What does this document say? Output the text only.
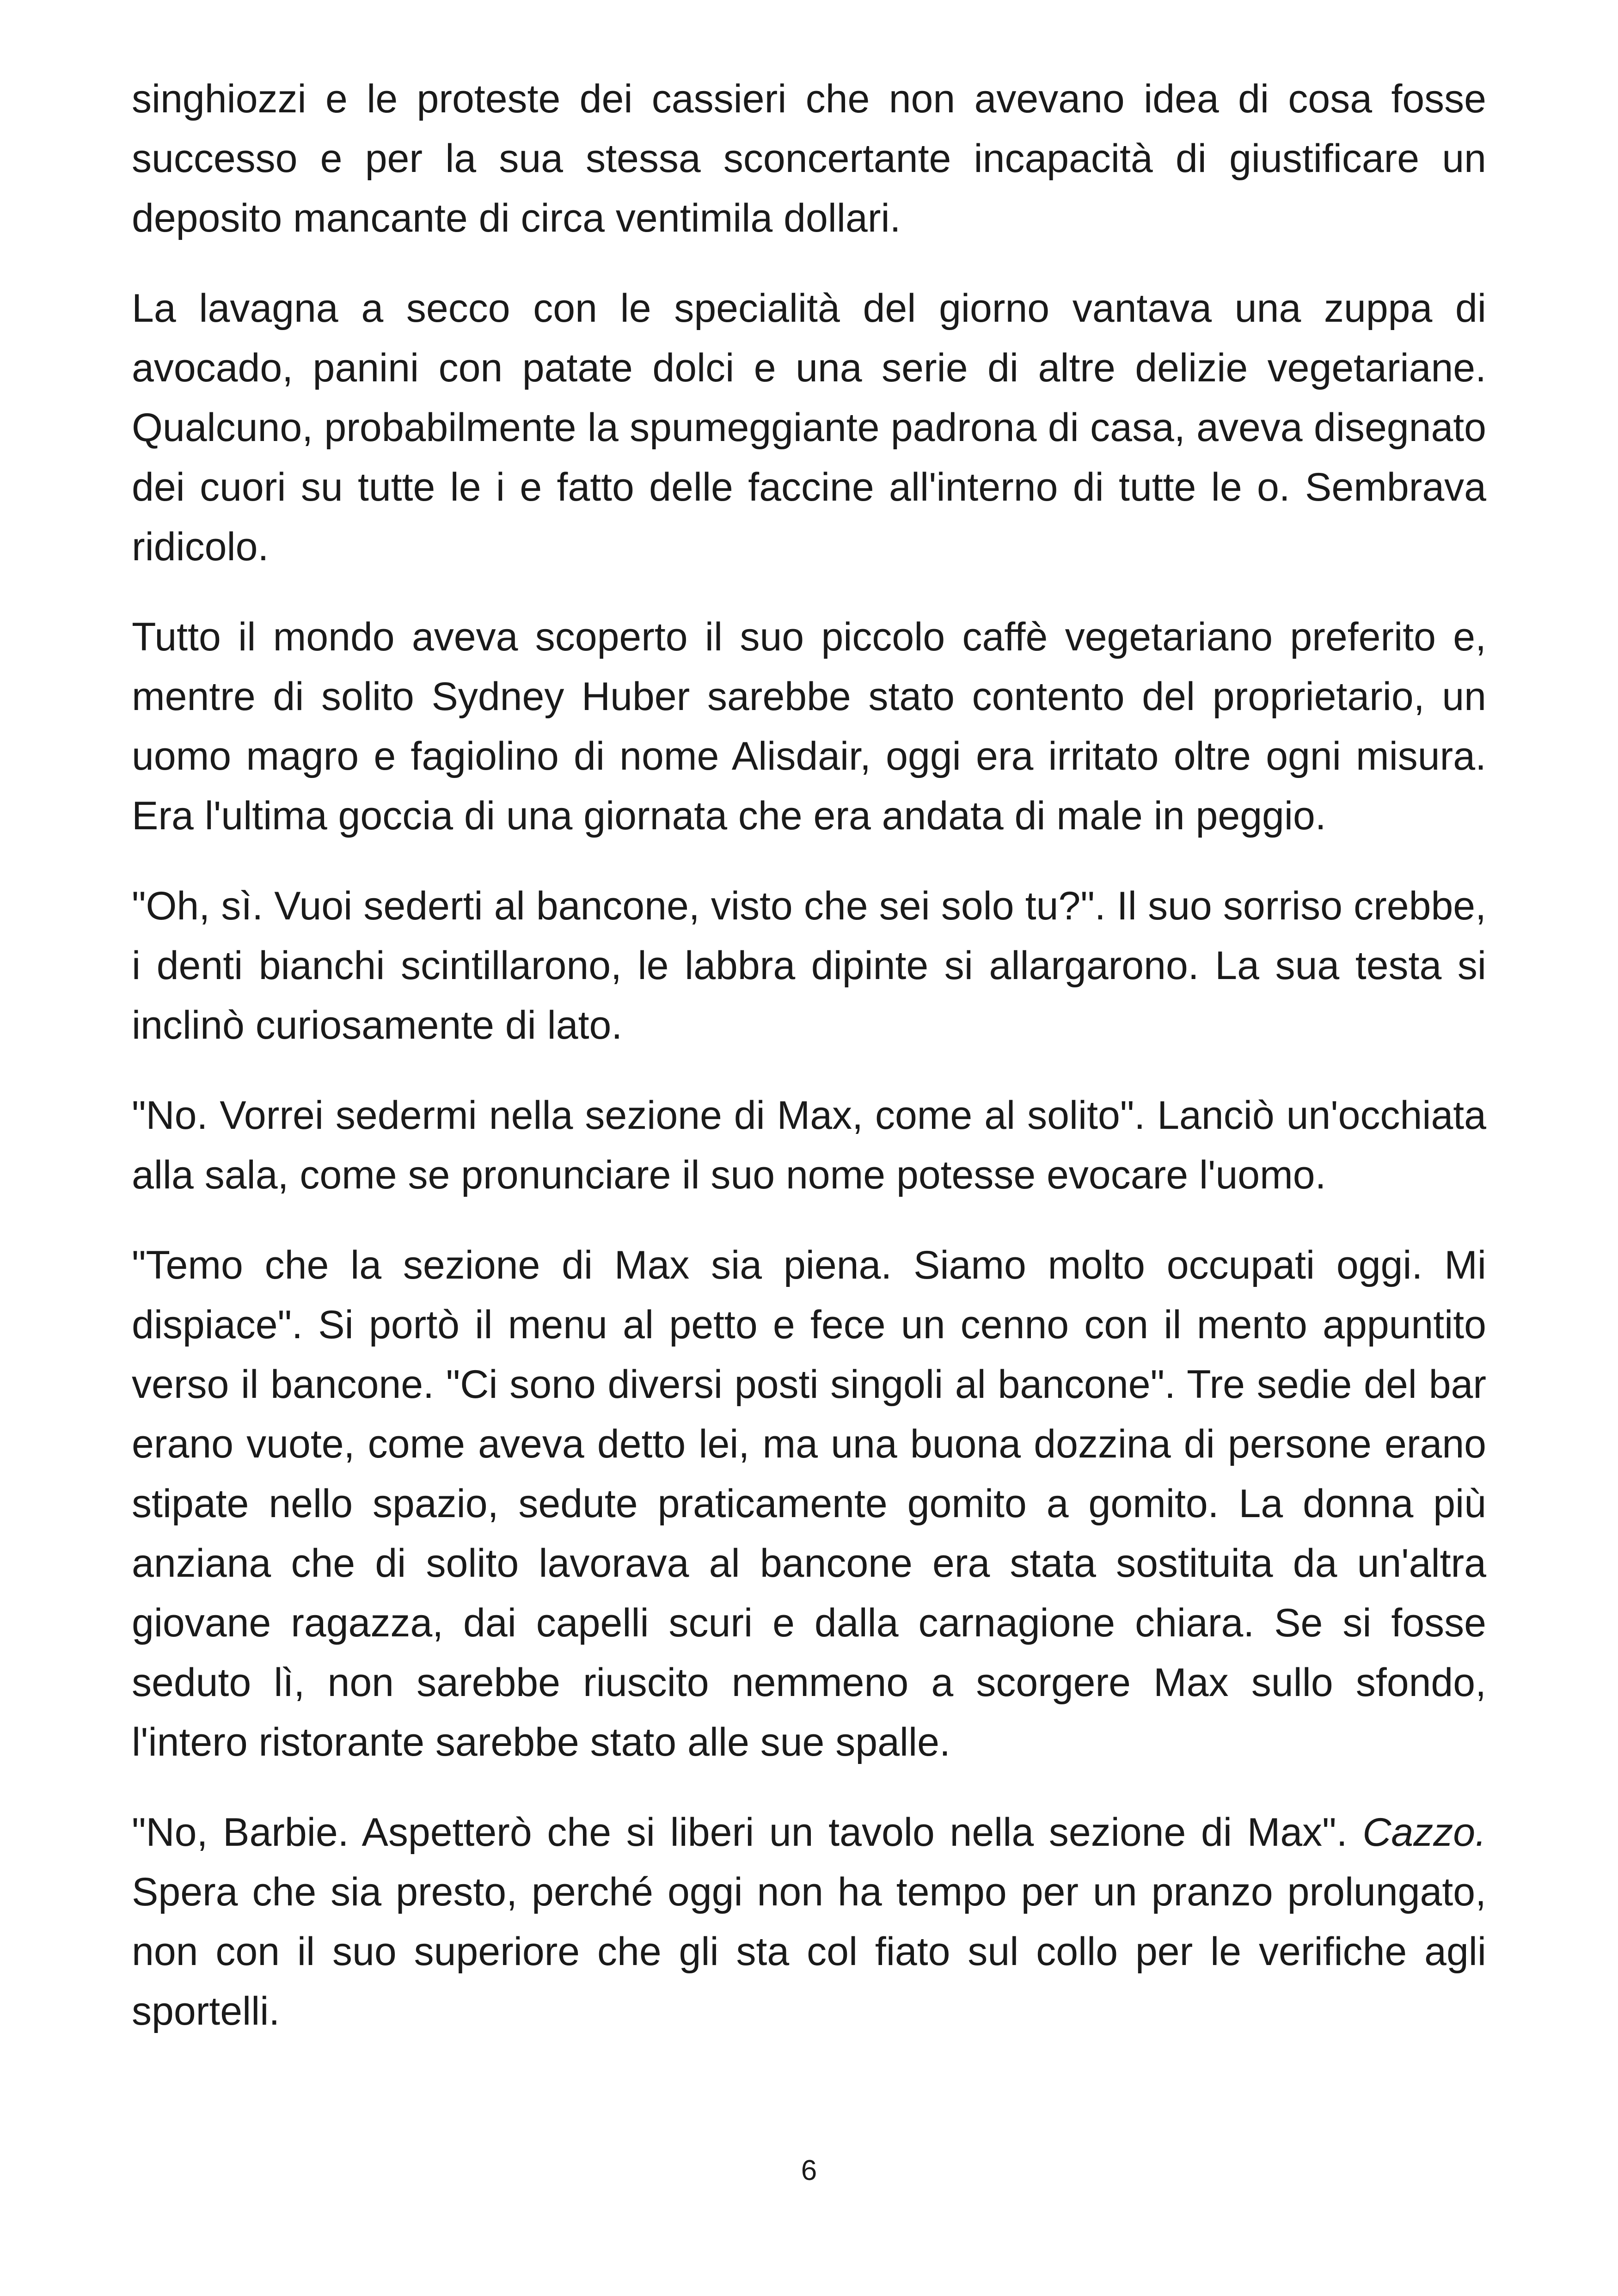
singhiozzi e le proteste dei cassieri che non avevano idea di cosa fosse successo e per la sua stessa sconcertante incapacità di giustificare un deposito mancante di circa ventimila dollari.

La lavagna a secco con le specialità del giorno vantava una zuppa di avocado, panini con patate dolci e una serie di altre delizie vegetariane. Qualcuno, probabilmente la spumeggiante padrona di casa, aveva disegnato dei cuori su tutte le i e fatto delle faccine all'interno di tutte le o. Sembrava ridicolo.

Tutto il mondo aveva scoperto il suo piccolo caffè vegetariano preferito e, mentre di solito Sydney Huber sarebbe stato contento del proprietario, un uomo magro e fagiolino di nome Alisdair, oggi era irritato oltre ogni misura. Era l'ultima goccia di una giornata che era andata di male in peggio.

"Oh, sì. Vuoi sederti al bancone, visto che sei solo tu?". Il suo sorriso crebbe, i denti bianchi scintillarono, le labbra dipinte si allargarono. La sua testa si inclinò curiosamente di lato.

"No. Vorrei sedermi nella sezione di Max, come al solito". Lanciò un'occhiata alla sala, come se pronunciare il suo nome potesse evocare l'uomo.

"Temo che la sezione di Max sia piena. Siamo molto occupati oggi. Mi dispiace". Si portò il menu al petto e fece un cenno con il mento appuntito verso il bancone. "Ci sono diversi posti singoli al bancone". Tre sedie del bar erano vuote, come aveva detto lei, ma una buona dozzina di persone erano stipate nello spazio, sedute praticamente gomito a gomito. La donna più anziana che di solito lavorava al bancone era stata sostituita da un'altra giovane ragazza, dai capelli scuri e dalla carnagione chiara. Se si fosse seduto lì, non sarebbe riuscito nemmeno a scorgere Max sullo sfondo, l'intero ristorante sarebbe stato alle sue spalle.

"No, Barbie. Aspetterò che si liberi un tavolo nella sezione di Max". Cazzo. Spera che sia presto, perché oggi non ha tempo per un pranzo prolungato, non con il suo superiore che gli sta col fiato sul collo per le verifiche agli sportelli.

6
